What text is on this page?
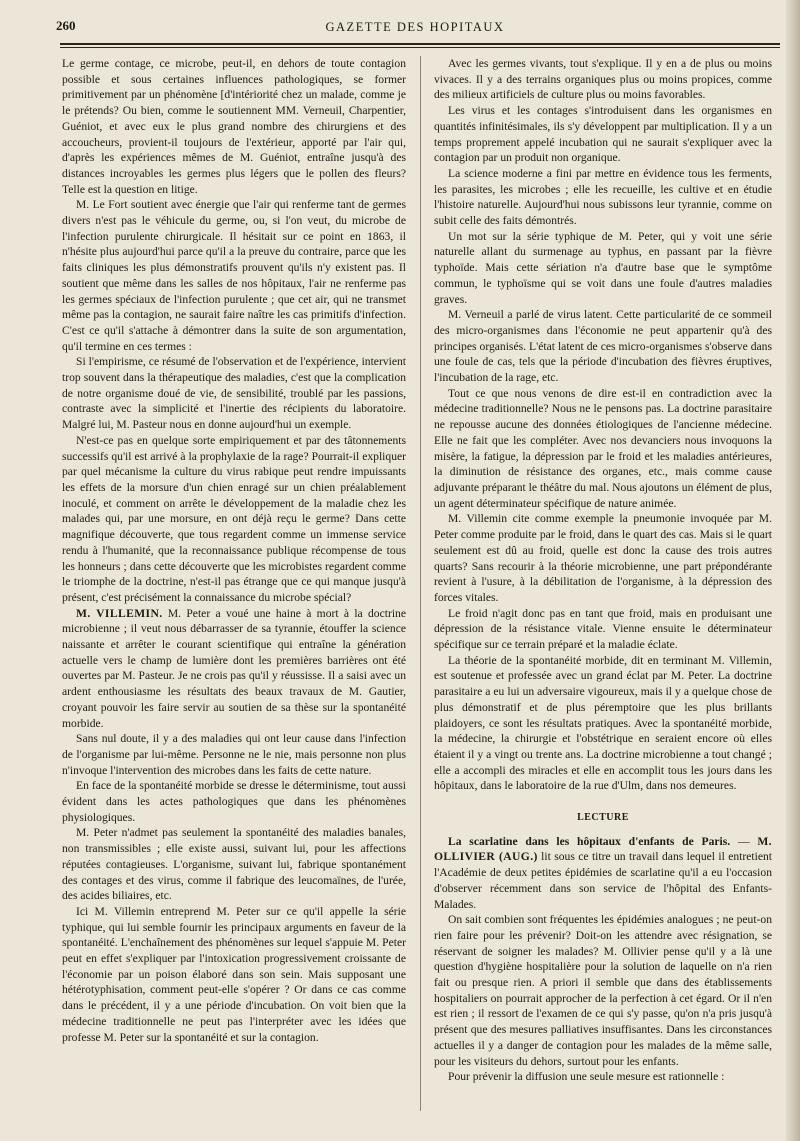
260	GAZETTE DES HOPITAUX

Le germe contage, ce microbe, peut-il, en dehors de toute contagion possible et sous certaines influences pathologiques, se former primitivement par un phénomène [d'intériorité chez un malade, comme je le prétends? Ou bien, comme le soutiennent MM. Verneuil, Charpentier, Guéniot, et avec eux le plus grand nombre des chirurgiens et des accoucheurs, provient-il toujours de l'extérieur, apporté par l'air qui, d'après les expériences mêmes de M. Guéniot, entraîne jusqu'à des distances incroyables les germes plus légers que le pollen des fleurs? Telle est la question en litige.

M. Le Fort soutient avec énergie que l'air qui renferme tant de germes divers n'est pas le véhicule du germe, ou, si l'on veut, du microbe de l'infection purulente chirurgicale. Il hésitait sur ce point en 1863, il n'hésite plus aujourd'hui parce qu'il a la preuve du contraire, parce que les faits cliniques les plus démonstratifs prouvent qu'ils n'y existent pas. Il soutient que même dans les salles de nos hôpitaux, l'air ne renferme pas les germes spéciaux de l'infection purulente ; que cet air, qui ne transmet même pas la contagion, ne saurait faire naître les cas primitifs d'infection. C'est ce qu'il s'attache à démontrer dans la suite de son argumentation, qu'il termine en ces termes :

Si l'empirisme, ce résumé de l'observation et de l'expérience, intervient trop souvent dans la thérapeutique des maladies, c'est que la complication de notre organisme doué de vie, de sensibilité, troublé par les passions, contraste avec la simplicité et l'inertie des récipients du laboratoire. Malgré lui, M. Pasteur nous en donne aujourd'hui un exemple.

N'est-ce pas en quelque sorte empiriquement et par des tâtonnements successifs qu'il est arrivé à la prophylaxie de la rage? Pourrait-il expliquer par quel mécanisme la culture du virus rabique peut rendre impuissants les effets de la morsure d'un chien enragé sur un chien préalablement inoculé, et comment on arrête le développement de la maladie chez les malades qui, par une morsure, en ont déjà reçu le germe? Dans cette magnifique découverte, que tous regardent comme un immense service rendu à l'humanité, que la reconnaissance publique récompense de tous les honneurs ; dans cette découverte que les microbistes regardent comme le triomphe de la doctrine, n'est-il pas étrange que ce qui manque jusqu'à présent, c'est précisément la connaissance du microbe spécial?

M. VILLEMIN. M. Peter a voué une haine à mort à la doctrine microbienne ; il veut nous débarrasser de sa tyrannie, étouffer la science naissante et arrêter le courant scientifique qui entraîne la génération actuelle vers le champ de lumière dont les premières barrières ont été ouvertes par M. Pasteur. Je ne crois pas qu'il y réussisse. Il a saisi avec un ardent enthousiasme les résultats des beaux travaux de M. Gautier, croyant pouvoir les faire servir au soutien de sa thèse sur la spontanéité morbide.

Sans nul doute, il y a des maladies qui ont leur cause dans l'infection de l'organisme par lui-même. Personne ne le nie, mais personne non plus n'invoque l'intervention des microbes dans les faits de cette nature.

En face de la spontanéité morbide se dresse le déterminisme, tout aussi évident dans les actes pathologiques que dans les phénomènes physiologiques.

M. Peter n'admet pas seulement la spontanéité des maladies banales, non transmissibles ; elle existe aussi, suivant lui, pour les affections réputées contagieuses. L'organisme, suivant lui, fabrique spontanément des contages et des virus, comme il fabrique des leucomaïnes, de l'urée, des acides biliaires, etc.

Ici M. Villemin entreprend M. Peter sur ce qu'il appelle la série typhique, qui lui semble fournir les principaux arguments en faveur de la spontanéité. L'enchaînement des phénomènes sur lequel s'appuie M. Peter peut en effet s'expliquer par l'intoxication progressivement croissante de l'économie par un poison élaboré dans son sein. Mais supposant une hétérotyphisation, comment peut-elle s'opérer ? Or dans ce cas comme dans le précédent, il y a une période d'incubation. On voit bien que la médecine traditionnelle ne peut pas l'interpréter avec les idées que professe M. Peter sur la spontanéité et sur la contagion.

Avec les germes vivants, tout s'explique. Il y en a de plus ou moins vivaces. Il y a des terrains organiques plus ou moins propices, comme des milieux artificiels de culture plus ou moins favorables.

Les virus et les contages s'introduisent dans les organismes en quantités infinitésimales, ils s'y développent par multiplication. Il y a un temps proprement appelé incubation qui ne saurait s'expliquer avec la contagion par un produit non organique.

La science moderne a fini par mettre en évidence tous les ferments, les parasites, les microbes ; elle les recueille, les cultive et en étudie l'histoire naturelle. Aujourd'hui nous subissons leur tyrannie, comme on subit celle des faits démontrés.

Un mot sur la série typhique de M. Peter, qui y voit une série naturelle allant du surmenage au typhus, en passant par la fièvre typhoïde. Mais cette sériation n'a d'autre base que le symptôme commun, le typhoïsme qui se voit dans une foule d'autres maladies graves.

M. Verneuil a parlé de virus latent. Cette particularité de ce sommeil des micro-organismes dans l'économie ne peut appartenir qu'à des principes organisés. L'état latent de ces micro-organismes s'observe dans une foule de cas, tels que la période d'incubation des fièvres éruptives, l'incubation de la rage, etc.

Tout ce que nous venons de dire est-il en contradiction avec la médecine traditionnelle? Nous ne le pensons pas. La doctrine parasitaire ne repousse aucune des données étiologiques de l'ancienne médecine. Elle ne fait que les compléter. Avec nos devanciers nous invoquons la misère, la fatigue, la dépression par le froid et les maladies antérieures, la diminution de résistance des organes, etc., mais comme cause adjuvante préparant le théâtre du mal. Nous ajoutons un élément de plus, un agent déterminateur spécifique de nature animée.

M. Villemin cite comme exemple la pneumonie invoquée par M. Peter comme produite par le froid, dans le quart des cas. Mais si le quart seulement est dû au froid, quelle est donc la cause des trois autres quarts? Sans recourir à la théorie microbienne, une part prépondérante revient à l'usure, à la débilitation de l'organisme, à la dépression des forces vitales.

Le froid n'agit donc pas en tant que froid, mais en produisant une dépression de la résistance vitale. Vienne ensuite le déterminateur spécifique sur ce terrain préparé et la maladie éclate.

La théorie de la spontanéité morbide, dit en terminant M. Villemin, est soutenue et professée avec un grand éclat par M. Peter. La doctrine parasitaire a eu lui un adversaire vigoureux, mais il y a quelque chose de plus démonstratif et de plus péremptoire que les plus brillants plaidoyers, ce sont les résultats pratiques. Avec la spontanéité morbide, la médecine, la chirurgie et l'obstétrique en seraient encore où elles étaient il y a vingt ou trente ans. La doctrine microbienne a tout changé ; elle a accompli des miracles et elle en accomplit tous les jours dans les hôpitaux, dans le laboratoire de la rue d'Ulm, dans nos demeures.

LECTURE

La scarlatine dans les hôpitaux d'enfants de Paris. — M. OLLIVIER (AUG.) lit sous ce titre un travail dans lequel il entretient l'Académie de deux petites épidémies de scarlatine qu'il a eu l'occasion d'observer récemment dans son service de l'hôpital des Enfants-Malades.

On sait combien sont fréquentes les épidémies analogues ; ne peut-on rien faire pour les prévenir? Doit-on les attendre avec résignation, se réservant de soigner les malades? M. Ollivier pense qu'il y a là une question d'hygiène hospitalière pour la solution de laquelle on n'a rien fait ou presque rien. A priori il semble que dans des établissements hospitaliers on pourrait approcher de la perfection à cet égard. Or il n'en est rien ; il ressort de l'examen de ce qui s'y passe, qu'on n'a pris jusqu'à présent que des mesures palliatives insuffisantes. Dans les circonstances actuelles il y a danger de contagion pour les malades de la même salle, pour les visiteurs du dehors, surtout pour les enfants.

Pour prévenir la diffusion une seule mesure est rationnelle :
